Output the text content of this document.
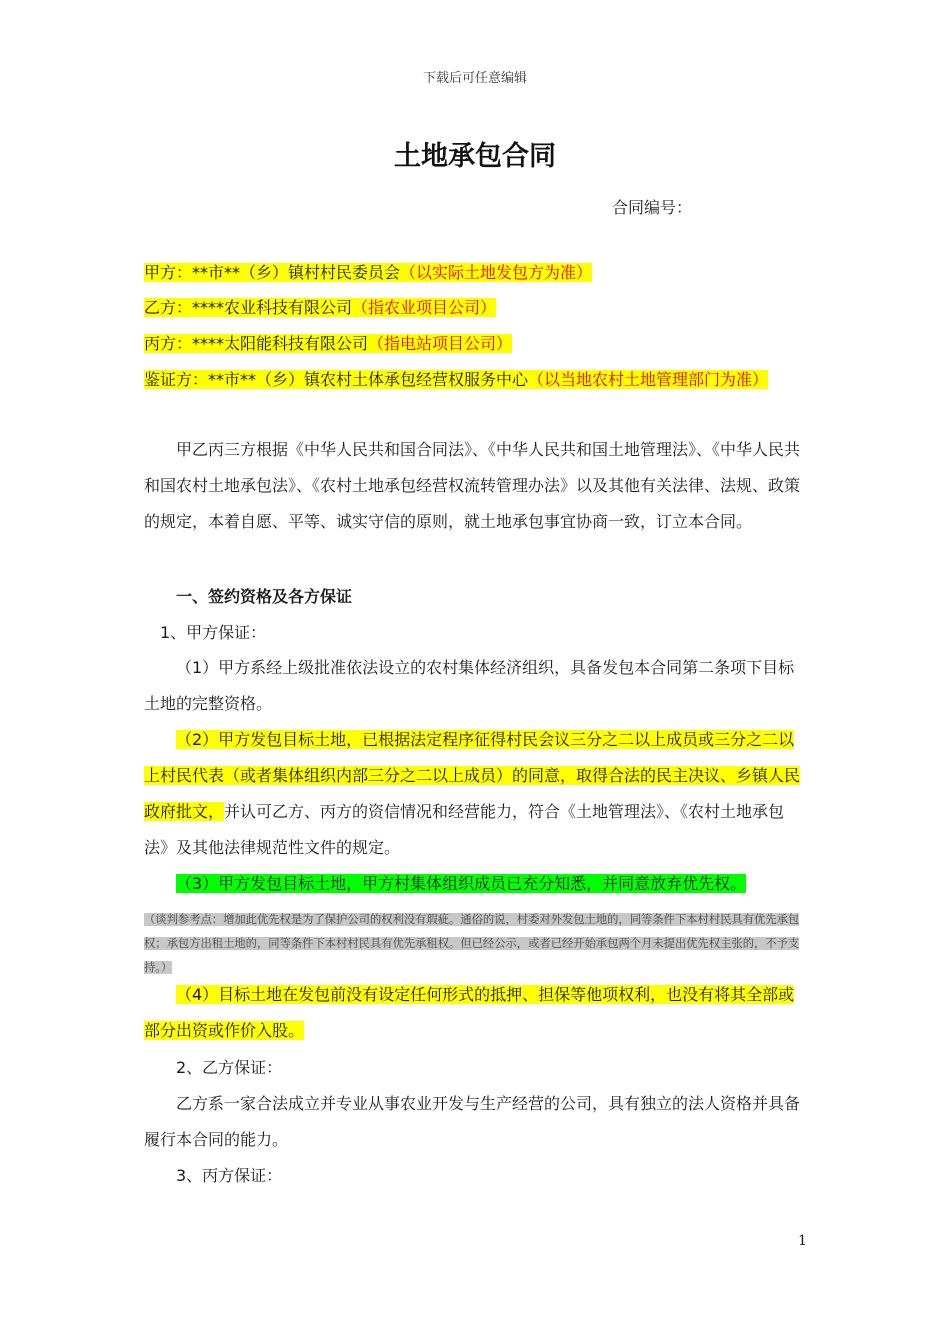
下载后可任意编辑
土地承包合同
合同编号：
甲方：**市**（乡）镇村村民委员会（以实际土地发包方为准）
乙方：****农业科技有限公司（指农业项目公司）
丙方：****太阳能科技有限公司（指电站项目公司）
鉴证方：**市**（乡）镇农村土体承包经营权服务中心（以当地农村土地管理部门为准）

甲乙丙三方根据《中华人民共和国合同法》、《中华人民共和国土地管理法》、《中华人民共和国农村土地承包法》、《农村土地承包经营权流转管理办法》以及其他有关法律、法规、政策的规定，本着自愿、平等、诚实守信的原则，就土地承包事宜协商一致，订立本合同。

一、签约资格及各方保证

1、甲方保证：

（1）甲方系经上级批准依法设立的农村集体经济组织，具备发包本合同第二条项下目标土地的完整资格。

（2）甲方发包目标土地，已根据法定程序征得村民会议三分之二以上成员或三分之二以上村民代表（或者集体组织内部三分之二以上成员）的同意，取得合法的民主决议、乡镇人民政府批文，并认可乙方、丙方的资信情况和经营能力，符合《土地管理法》、《农村土地承包法》及其他法律规范性文件的规定。

（3）甲方发包目标土地，甲方村集体组织成员已充分知悉，并同意放弃优先权。

（谈判参考点：增加此优先权是为了保护公司的权利没有瑕疵。通俗的说，村委对外发包土地的，同等条件下本村村民具有优先承包权；承包方出租土地的，同等条件下本村村民具有优先承租权。但已经公示，或者已经开始承包两个月未提出优先权主张的，不予支持。）

（4）目标土地在发包前没有设定任何形式的抵押、担保等他项权利，也没有将其全部或部分出资或作价入股。

2、乙方保证：

乙方系一家合法成立并专业从事农业开发与生产经营的公司，具有独立的法人资格并具备履行本合同的能力。

3、丙方保证：

1
